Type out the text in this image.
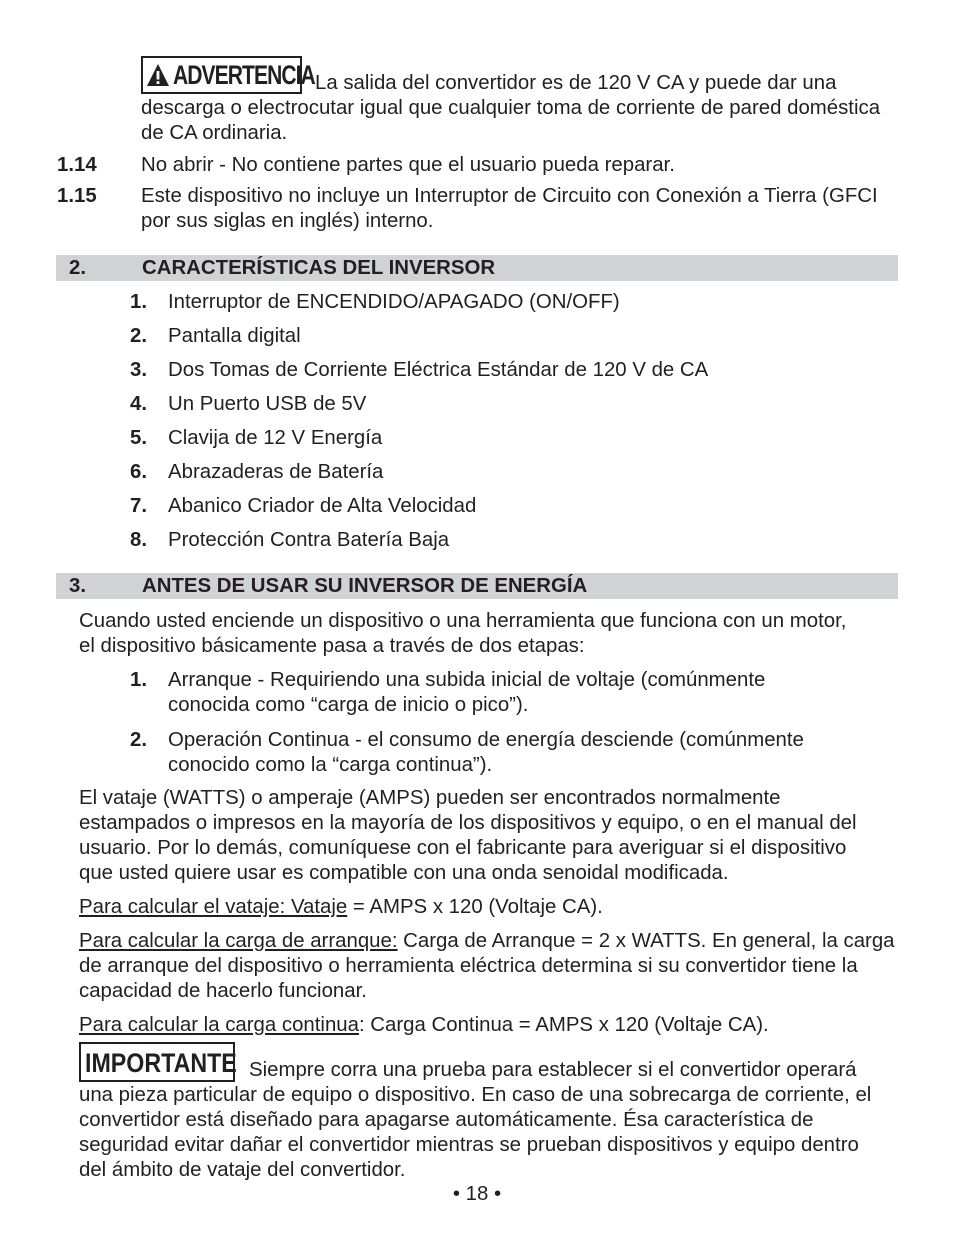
ADVERTENCIA La salida del convertidor es de 120 V CA y puede dar una descarga o electrocutar igual que cualquier toma de corriente de pared doméstica de CA ordinaria.
1.14 No abrir - No contiene partes que el usuario pueda reparar.
1.15 Este dispositivo no incluye un Interruptor de Circuito con Conexión a Tierra (GFCI por sus siglas en inglés) interno.
2.	CARACTERÍSTICAS DEL INVERSOR
1. Interruptor de ENCENDIDO/APAGADO (ON/OFF)
2. Pantalla digital
3. Dos Tomas de Corriente Eléctrica Estándar de 120 V de CA
4. Un Puerto USB de 5V
5. Clavija de 12 V Energía
6. Abrazaderas de Batería
7. Abanico Criador de Alta Velocidad
8. Protección Contra Batería Baja
3.	ANTES DE USAR SU INVERSOR DE ENERGÍA
Cuando usted enciende un dispositivo o una herramienta que funciona con un motor, el dispositivo básicamente pasa a través de dos etapas:
1. Arranque - Requiriendo una subida inicial de voltaje (comúnmente conocida como “carga de inicio o pico”).
2. Operación Continua - el consumo de energía desciende (comúnmente conocido como la “carga continua”).
El vataje (WATTS) o amperaje (AMPS) pueden ser encontrados normalmente estampados o impresos en la mayoría de los dispositivos y equipo, o en el manual del usuario. Por lo demás, comuníquese con el fabricante para averiguar si el dispositivo que usted quiere usar es compatible con una onda senoidal modificada.
Para calcular el vataje: Vataje = AMPS x 120 (Voltaje CA).
Para calcular la carga de arranque: Carga de Arranque = 2 x WATTS. En general, la carga de arranque del dispositivo o herramienta eléctrica determina si su convertidor tiene la capacidad de hacerlo funcionar.
Para calcular la carga continua: Carga Continua = AMPS x 120 (Voltaje CA).
IMPORTANTE Siempre corra una prueba para establecer si el convertidor operará una pieza particular de equipo o dispositivo. En caso de una sobrecarga de corriente, el convertidor está diseñado para apagarse automáticamente. Ésa característica de seguridad evitar dañar el convertidor mientras se prueban dispositivos y equipo dentro del ámbito de vataje del convertidor.
• 18 •
